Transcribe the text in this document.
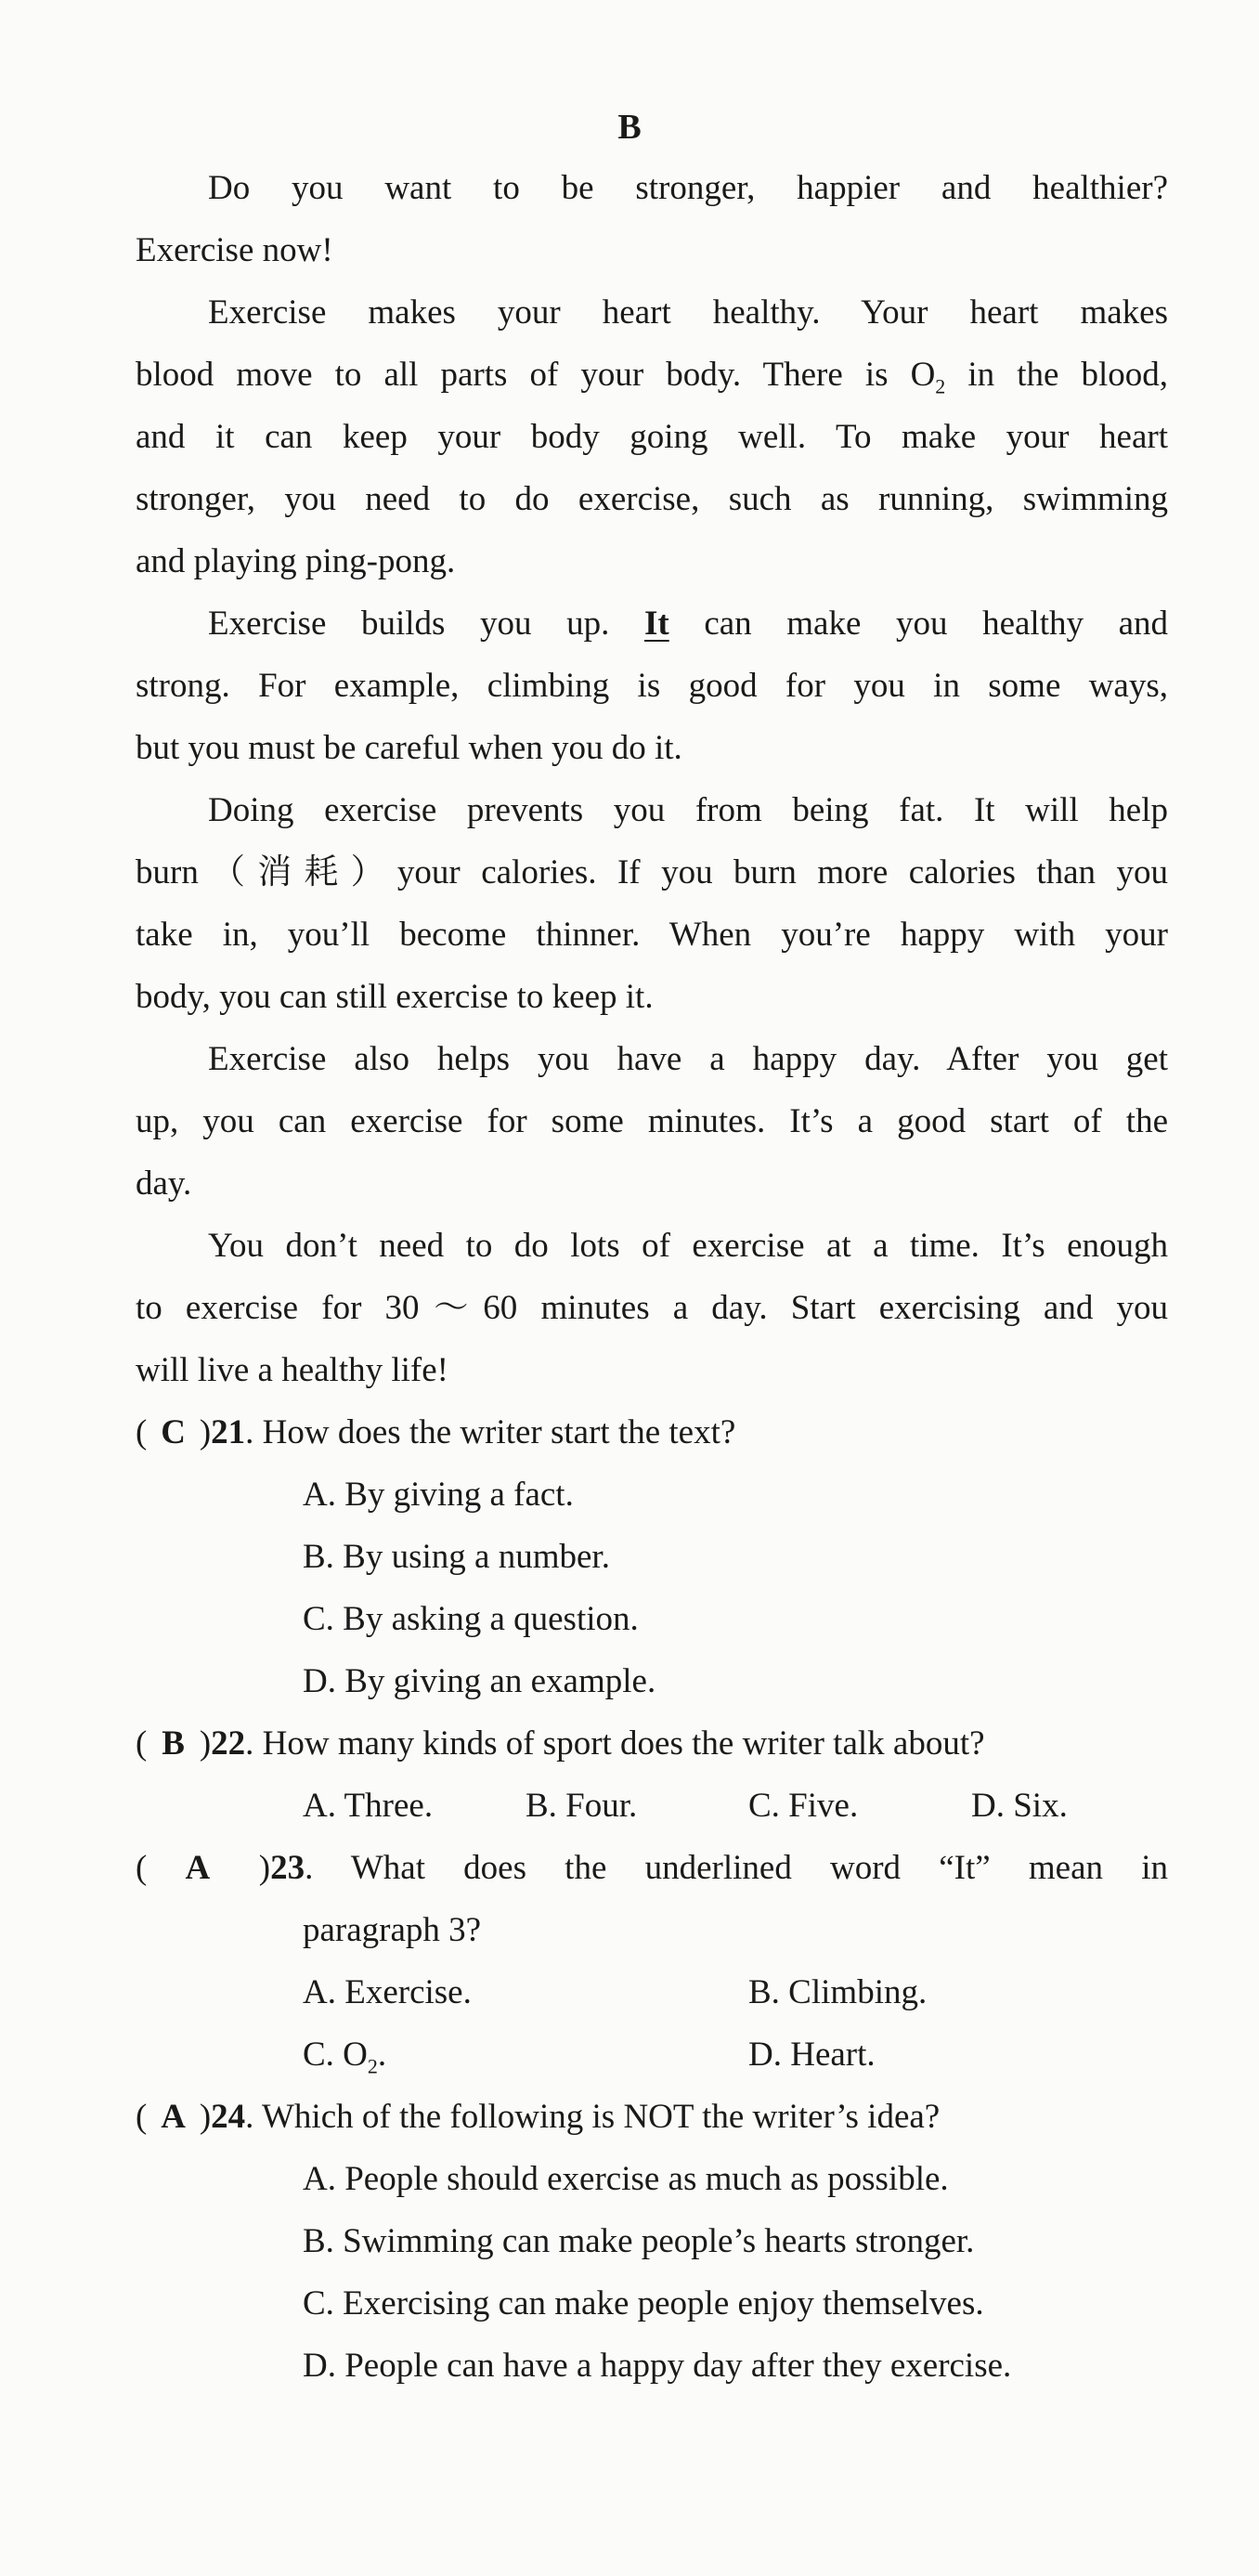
B
Do you want to be stronger, happier and healthier?
Exercise now!
Exercise makes your heart healthy. Your heart makes
blood move to all parts of your body. There is $O_2$ in the blood,
and it can keep your body going well. To make your heart
stronger, you need to do exercise, such as running, swimming
and playing ping-pong.
Exercise builds you up. It can make you healthy and
strong. For example, climbing is good for you in some ways,
but you must be careful when you do it.
Doing exercise prevents you from being fat. It will help
burn（消耗）your calories. If you burn more calories than you
take in, you’ll become thinner. When you’re happy with your
body, you can still exercise to keep it.
Exercise also helps you have a happy day. After you get
up, you can exercise for some minutes. It’s a good start of the
day.
You don’t need to do lots of exercise at a time. It’s enough
to exercise for 30～60 minutes a day. Start exercising and you
will live a healthy life!
( C )21. How does the writer start the text?
A. By giving a fact.
B. By using a number.
C. By asking a question.
D. By giving an example.
( B )22. How many kinds of sport does the writer talk about?
A. Three.	B. Four.	C. Five.	D. Six.
( A )23. What does the underlined word “It” mean in
paragraph 3?
A. Exercise.	B. Climbing.
C. $O_2$.	D. Heart.
( A )24. Which of the following is NOT the writer’s idea?
A. People should exercise as much as possible.
B. Swimming can make people’s hearts stronger.
C. Exercising can make people enjoy themselves.
D. People can have a happy day after they exercise.
